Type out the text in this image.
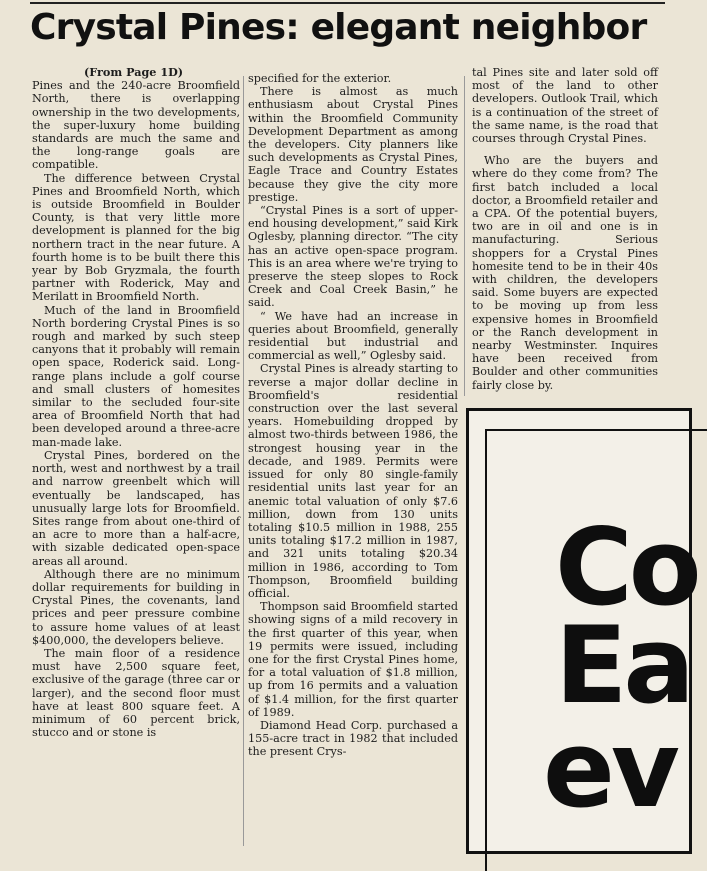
Crystal Pines: elegant neighbor
(From Page 1D)

Pines and the 240-acre Broomfield North, there is overlapping ownership in the two developments, the super-luxury home building standards are much the same and the long-range goals are compatible.

The difference between Crystal Pines and Broomfield North, which is outside Broomfield in Boulder County, is that very little more development is planned for the big northern tract in the near future. A fourth home is to be built there this year by Bob Gryzmala, the fourth partner with Roderick, May and Merilatt in Broomfield North.

Much of the land in Broomfield North bordering Crystal Pines is so rough and marked by such steep canyons that it probably will remain open space, Roderick said. Long-range plans include a golf course and small clusters of homesites similar to the secluded four-site area of Broomfield North that had been developed around a three-acre man-made lake.

Crystal Pines, bordered on the north, west and northwest by a trail and narrow greenbelt which will eventually be landscaped, has unusually large lots for Broomfield. Sites range from about one-third of an acre to more than a half-acre, with sizable dedicated open-space areas all around.

Although there are no minimum dollar requirements for building in Crystal Pines, the covenants, land prices and peer pressure combine to assure home values of at least $400,000, the developers believe.

The main floor of a residence must have 2,500 square feet, exclusive of the garage (three car or larger), and the second floor must have at least 800 square feet. A minimum of 60 percent brick, stucco and or stone is

specified for the exterior.

There is almost as much enthusiasm about Crystal Pines within the Broomfield Community Development Department as among the developers. City planners like such developments as Crystal Pines, Eagle Trace and Country Estates because they give the city more prestige.

“Crystal Pines is a sort of upper-end housing development,” said Kirk Oglesby, planning director. “The city has an active open-space program. This is an area where we're trying to preserve the steep slopes to Rock Creek and Coal Creek Basin,” he said.

“ We have had an increase in queries about Broomfield, generally residential but industrial and commercial as well,” Oglesby said.

Crystal Pines is already starting to reverse a major dollar decline in Broomfield's residential construction over the last several years. Homebuilding dropped by almost two-thirds between 1986, the strongest housing year in the decade, and 1989. Permits were issued for only 80 single-family residential units last year for an anemic total valuation of only $7.6 million, down from 130 units totaling $10.5 million in 1988, 255 units totaling $17.2 million in 1987, and 321 units totaling $20.34 million in 1986, according to Tom Thompson, Broomfield building official.

Thompson said Broomfield started showing signs of a mild recovery in the first quarter of this year, when 19 permits were issued, including one for the first Crystal Pines home, for a total valuation of $1.8 million, up from 16 permits and a valuation of $1.4 million, for the first quarter of 1989.

Diamond Head Corp. purchased a 155-acre tract in 1982 that included the present Crys-

tal Pines site and later sold off most of the land to other developers. Outlook Trail, which is a continuation of the street of the same name, is the road that courses through Crystal Pines.

Who are the buyers and where do they come from? The first batch included a local doctor, a Broomfield retailer and a CPA. Of the potential buyers, two are in oil and one is in manufacturing. Serious shoppers for a Crystal Pines homesite tend to be in their 40s with children, the developers said. Some buyers are expected to be moving up from less expensive homes in Broomfield or the Ranch development in nearby Westminster. Inquires have been received from Boulder and other communities fairly close by.

Co
Ea
ev
